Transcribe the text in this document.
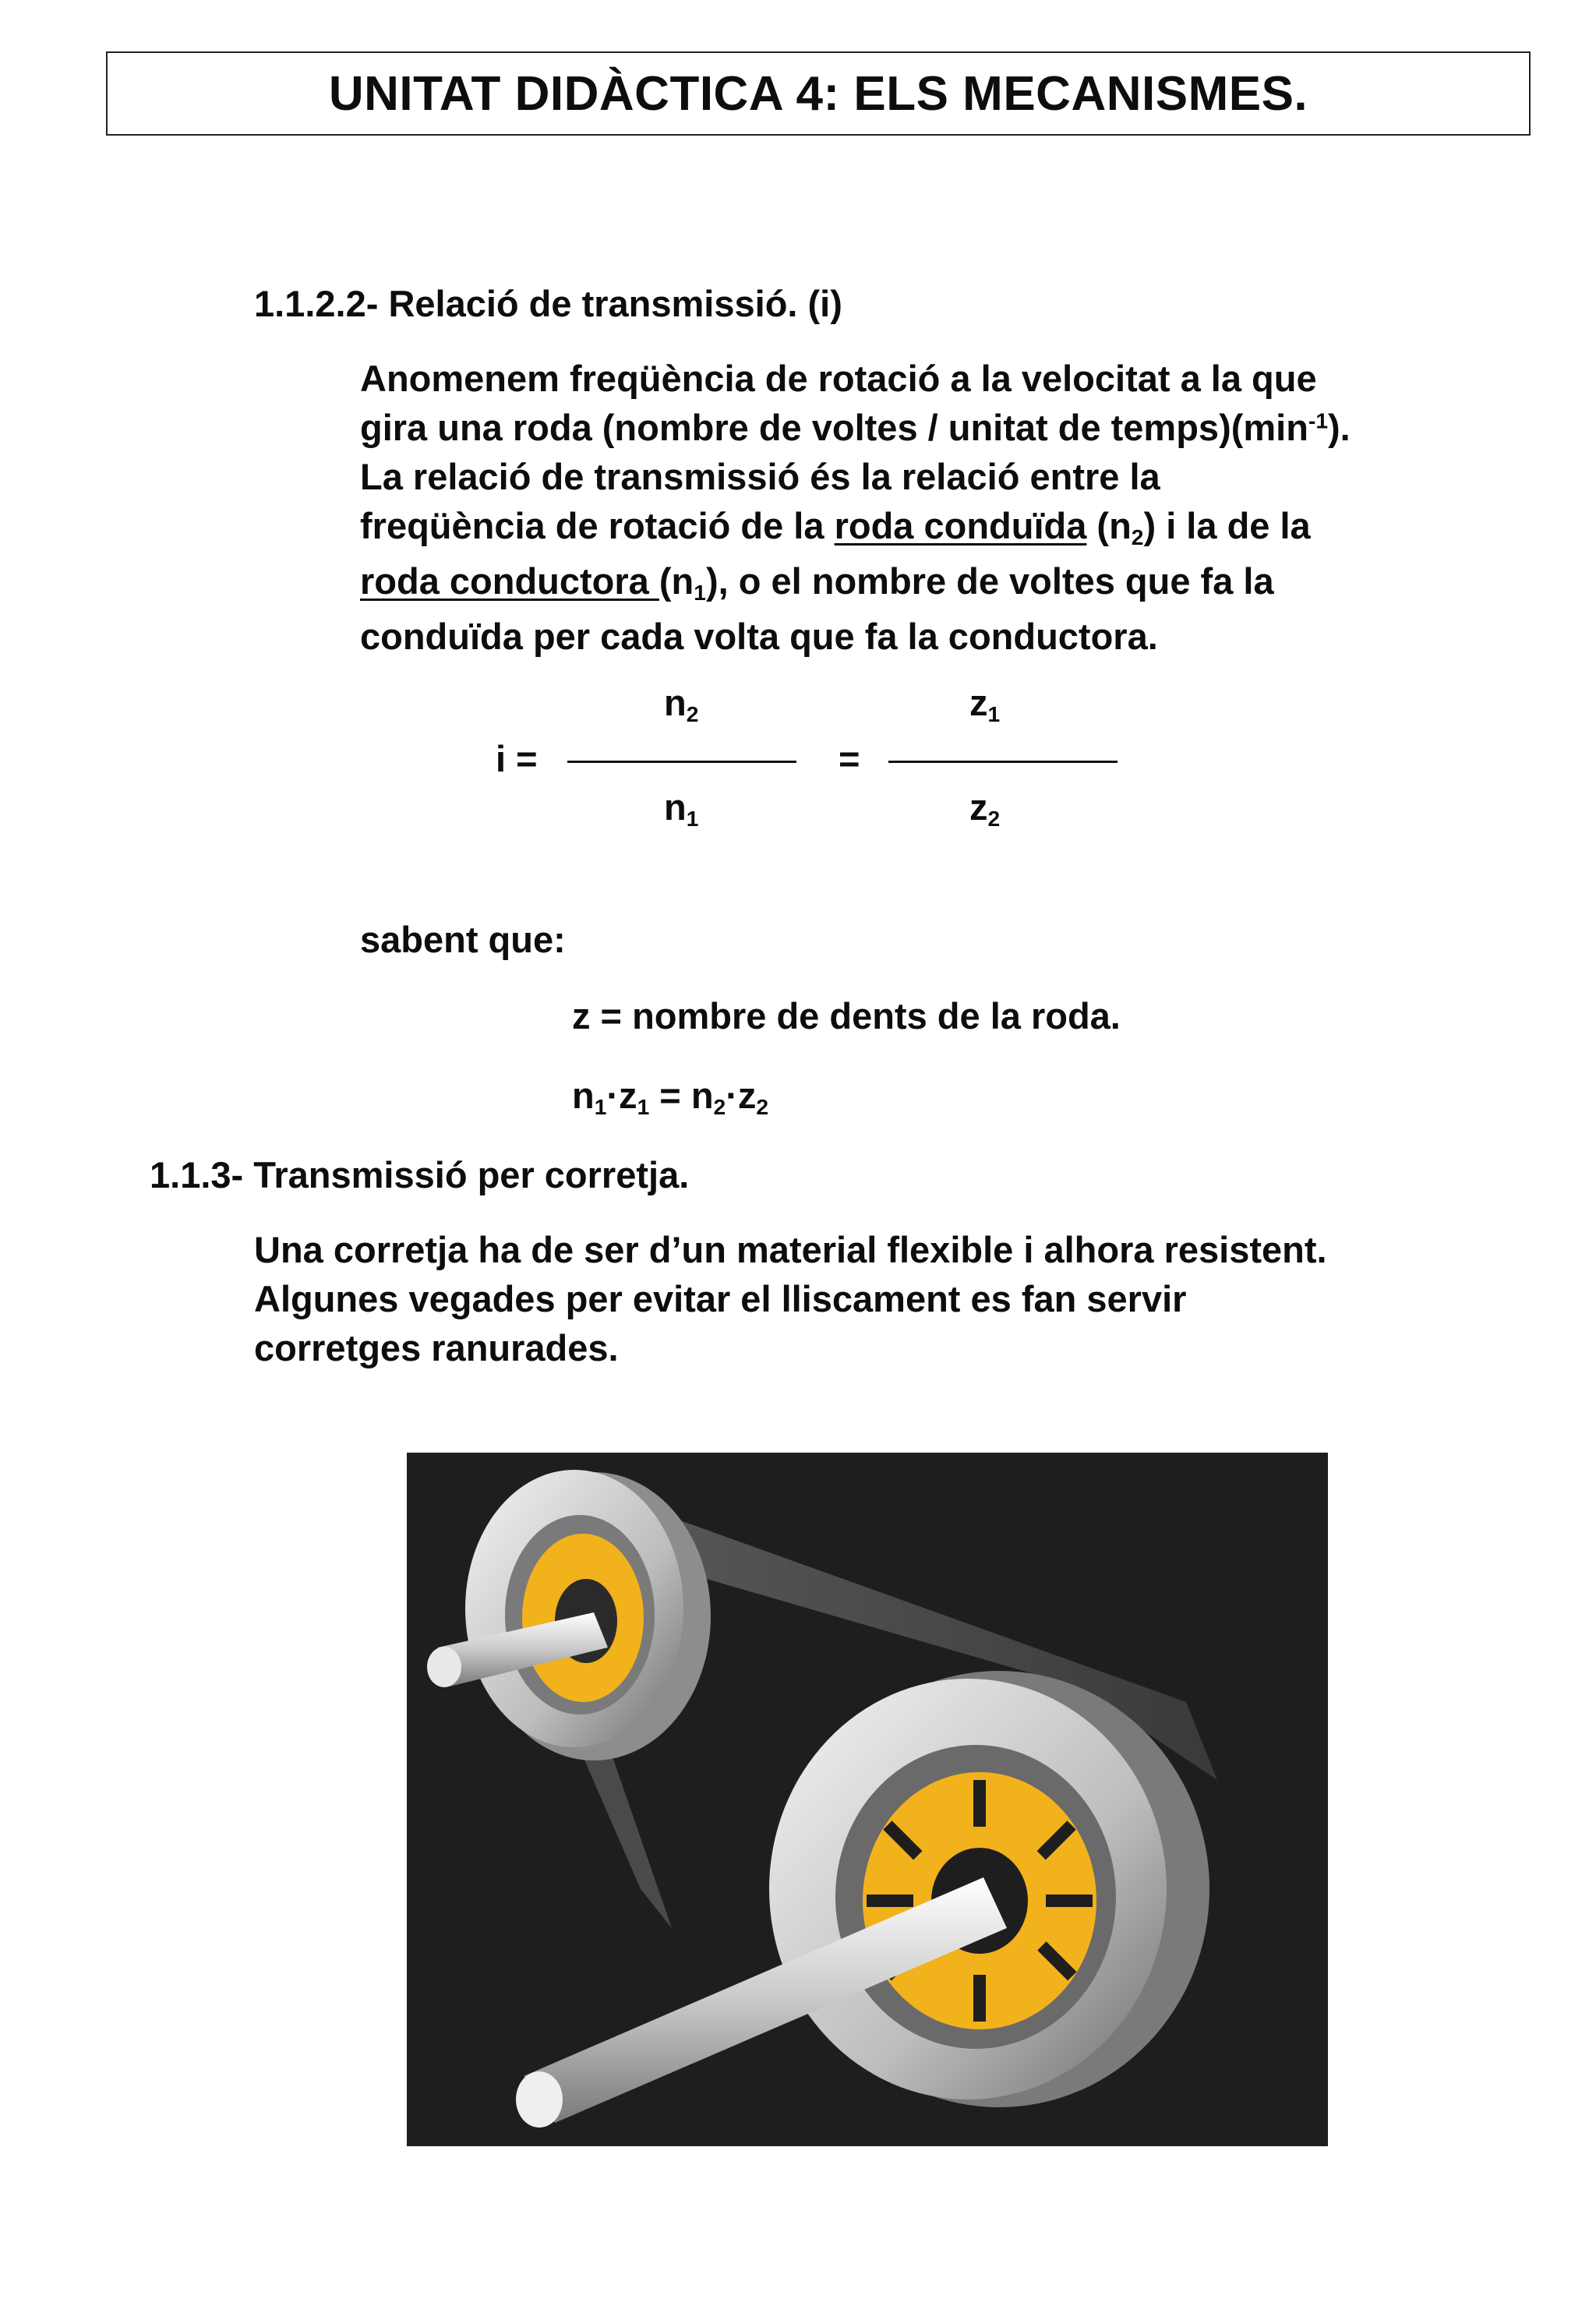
UNITAT DIDÀCTICA 4: ELS MECANISMES.
1.1.2.2- Relació de transmissió. (i)
Anomenem freqüència de rotació a la velocitat a la que
gira una roda (nombre de voltes / unitat de $temps)(\min^{-1})$.
La relació de transmissió és la relació entre la
freqüència de rotació de la roda conduïda $(n_2)$ i la de la
roda conductora $(n_1)$, o el nombre de voltes que fa la
conduïda per cada volta que fa la conductora.
i =
$n_2$
$n_1$
=
$z_1$
$z_2$
sabent que:
z = nombre de dents de la roda.
$n_1\cdot z_1 = n_2\cdot z_2$
1.1.3- Transmissió per corretja.
Una corretja ha de ser d’un material flexible i alhora resistent.
Algunes vegades per evitar el lliscament es fan servir
corretges ranurades.
